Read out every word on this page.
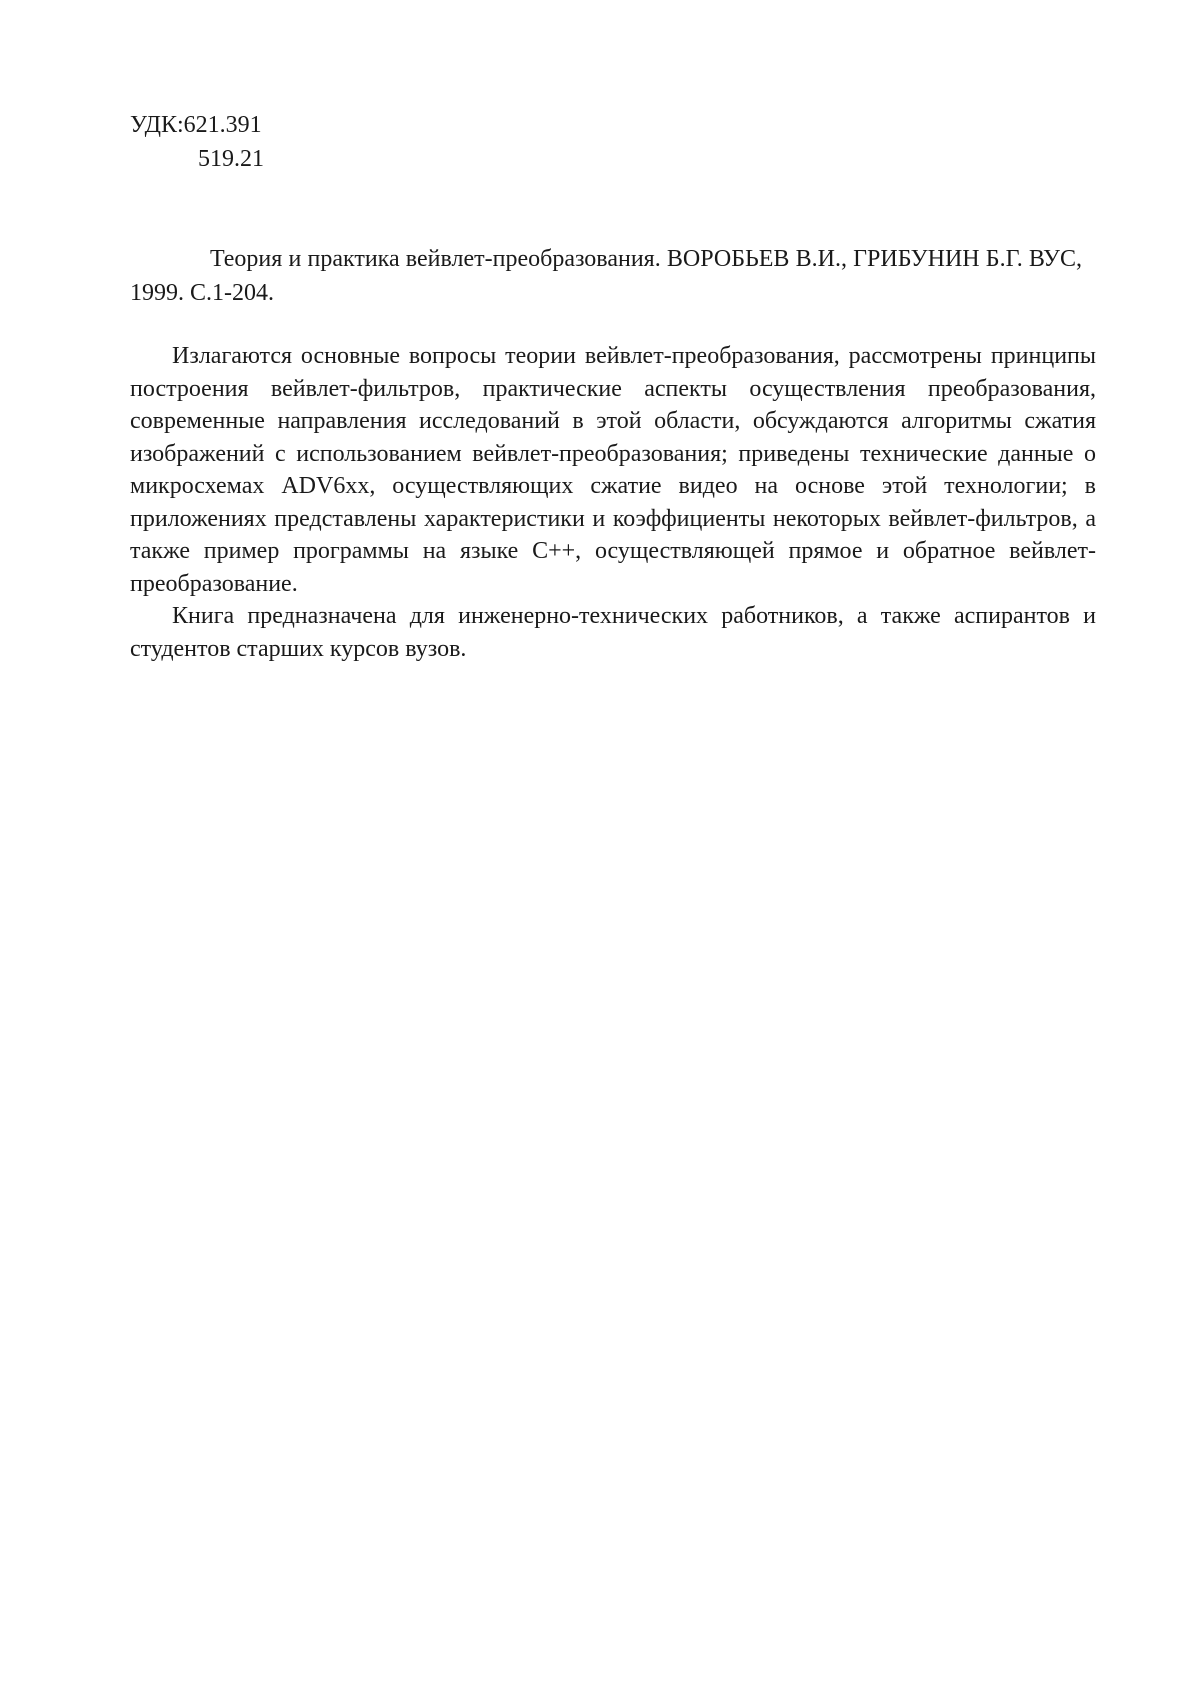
УДК:621.391
519.21
Теория и практика вейвлет-преобразования. ВОРОБЬЕВ В.И., ГРИБУНИН Б.Г. ВУС, 1999. С.1-204.

Излагаются основные вопросы теории вейвлет-преобразования, рассмотрены принципы построения вейвлет-фильтров, практические аспекты осуществления преобразования, современные направления исследований в этой области, обсуждаются алгоритмы сжатия изображений с использованием вейвлет-преобразования; приведены технические данные о микросхемах ADV6xx, осуществляющих сжатие видео на основе этой технологии; в приложениях представлены характеристики и коэффициенты некоторых вейвлет-фильтров, а также пример программы на языке C++, осуществляющей прямое и обратное вейвлет-преобразование.

Книга предназначена для инженерно-технических работников, а также аспирантов и студентов старших курсов вузов.
